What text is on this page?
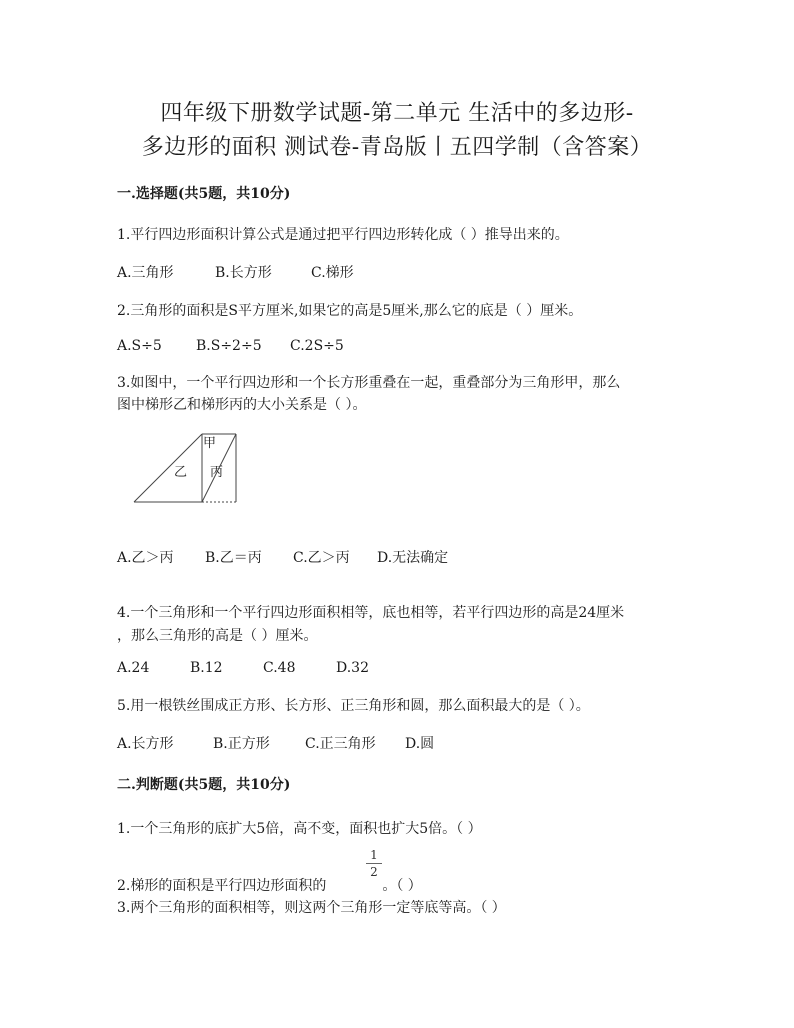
四年级下册数学试题-第二单元 生活中的多边形-
多边形的面积 测试卷-青岛版丨五四学制（含答案）
一.选择题(共5题，共10分)
1.平行四边形面积计算公式是通过把平行四边形转化成（ ）推导出来的。
A.三角形	B.长方形	C.梯形
2.三角形的面积是S平方厘米,如果它的高是5厘米,那么它的底是（ ）厘米。
A.S÷5 B.S÷2÷5 C.2S÷5
3.如图中，一个平行四边形和一个长方形重叠在一起，重叠部分为三角形甲，那么
图中梯形乙和梯形丙的大小关系是（ ）。
甲
乙 丙
A.乙＞丙 B.乙＝丙 C.乙＞丙 D.无法确定
4.一个三角形和一个平行四边形面积相等，底也相等，若平行四边形的高是24厘米
，那么三角形的高是（ ）厘米。
A.24	B.12	C.48	D.32
5.用一根铁丝围成正方形、长方形、正三角形和圆，那么面积最大的是（ ）。
A.长方形	B.正方形	C.正三角形 D.圆
二.判断题(共5题，共10分)
1.一个三角形的底扩大5倍，高不变，面积也扩大5倍。（ ）
1
2
2.梯形的面积是平行四边形面积的	。（ ）
3.两个三角形的面积相等，则这两个三角形一定等底等高。（ ）
